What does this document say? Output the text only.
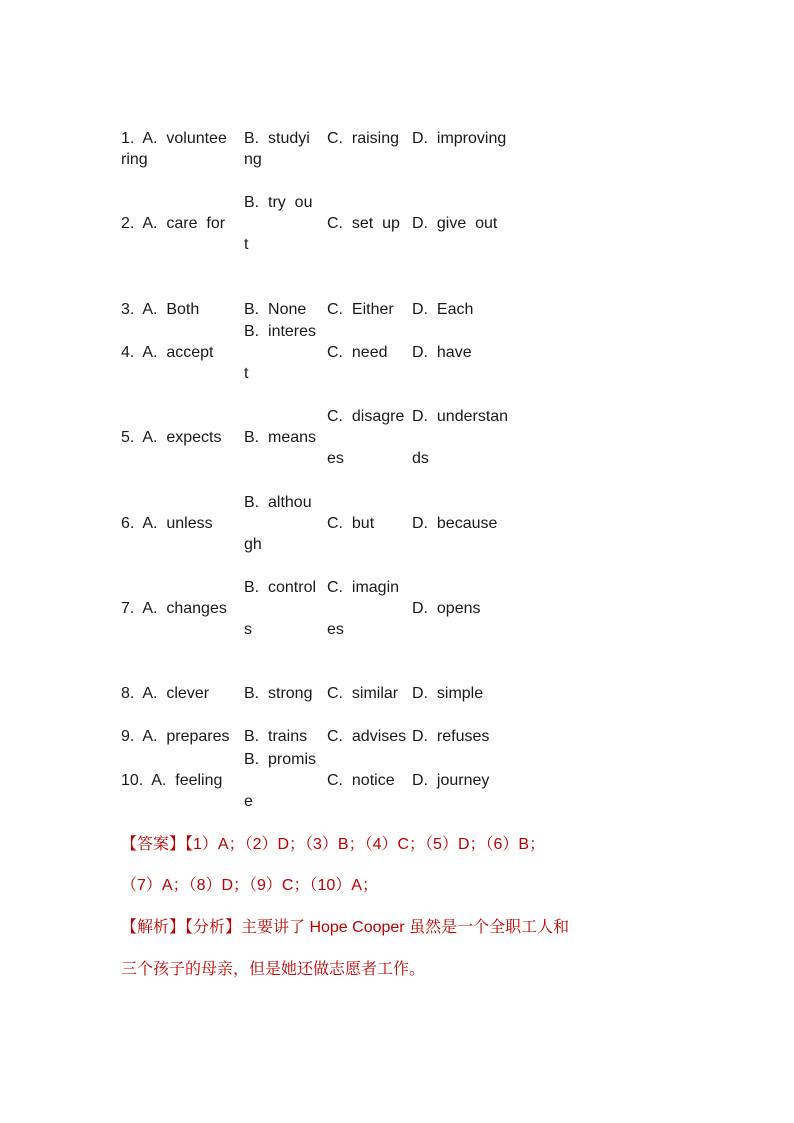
1.  A.  voluntee
ring
B.  studyi
ng
C.  raising D.  improving
2.  A.  care  for
B.  try  ou
t
C.  set  up D.  give  out
3.  A.  Both	B.  None C.  Either D.  Each
4.  A.  accept
B.  interes
t
C.  need D.  have
5.  A.  expects B.  means
C.  disagre
es
D.  understan
ds
6.  A.  unless
B.  althou
gh
C.  but D.  because
7.  A.  changes
B.  control
s
C.  imagin
es
D.  opens
8.  A.  clever B.  strong C.  similar D.  simple
9.  A.  prepares B.  trains C.  advises D.  refuses
10.  A.  feeling
B.  promis
e
C.  notice D.  journey
【答案】【1）A；（2）D；（3）B；（4）C；（5）D；（6）B；
（7）A；（8）D；（9）C；（10）A；
【解析】【分析】主要讲了 Hope Cooper 虽然是一个全职工人和
三个孩子的母亲，但是她还做志愿者工作。
